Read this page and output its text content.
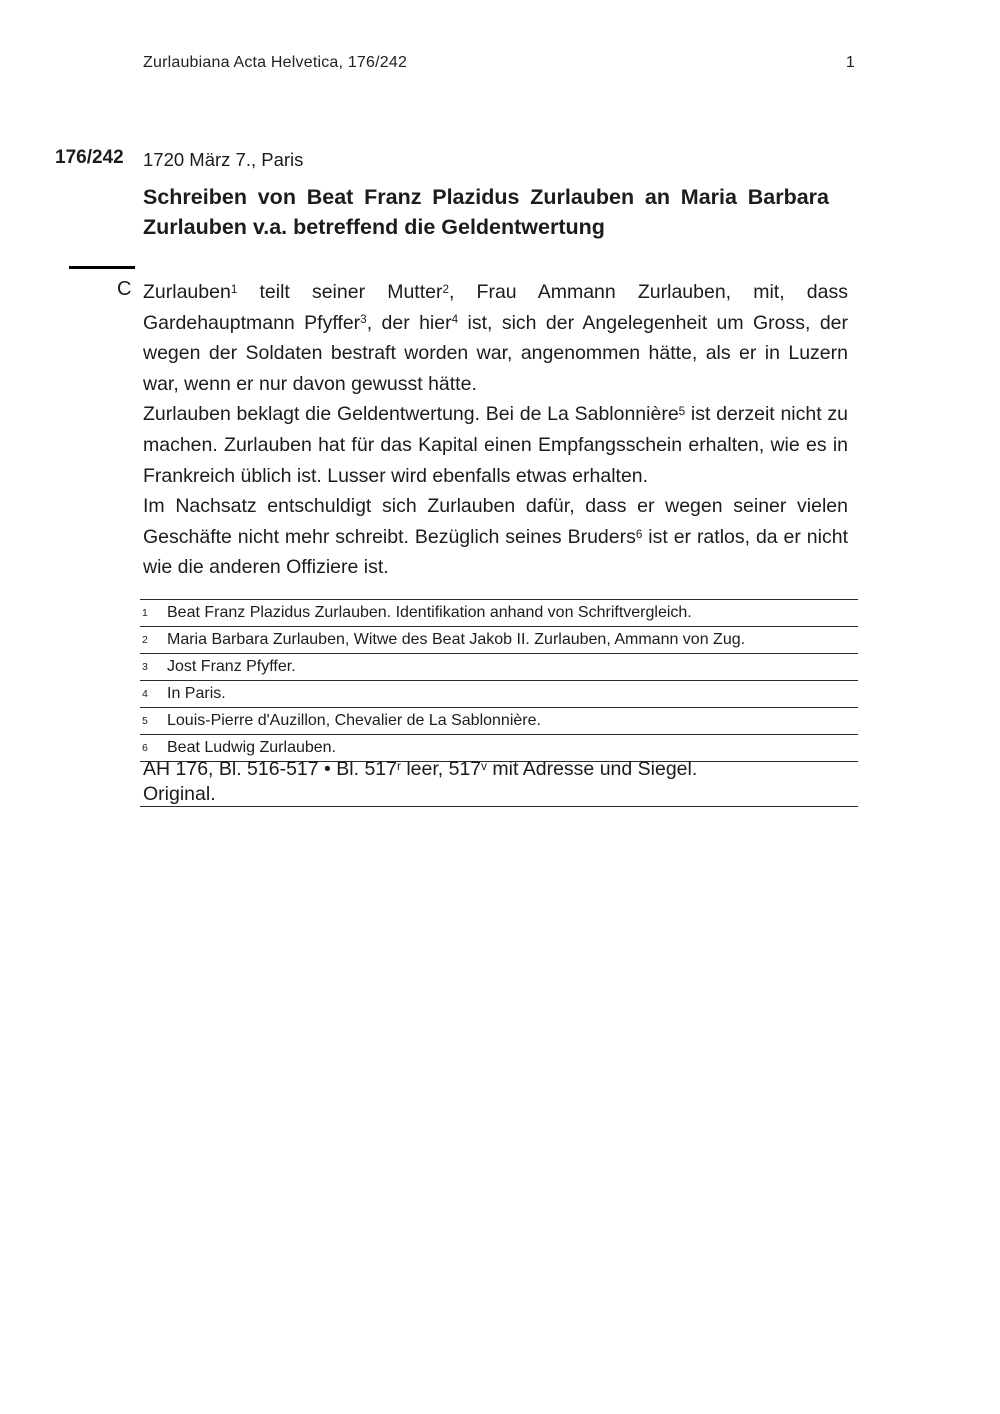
Zurlaubiana Acta Helvetica, 176/242	1
176/242 1720 März 7., Paris
Schreiben von Beat Franz Plazidus Zurlauben an Maria Barbara
Zurlauben v.a. betreffend die Geldentwertung
C Zurlauben$^1$ teilt seiner Mutter$^2$, Frau Ammann Zurlauben, mit, dass Gardehauptmann Pfyffer$^3$, der hier$^4$ ist, sich der Angelegenheit um Gross, der wegen der Soldaten bestraft worden war, angenommen hätte, als er in Luzern war, wenn er nur davon gewusst hätte.

Zurlauben beklagt die Geldentwertung. Bei de La Sablonnière$^5$ ist derzeit nicht zu machen. Zurlauben hat für das Kapital einen Empfangsschein erhalten, wie es in Frankreich üblich ist. Lusser wird ebenfalls etwas erhalten.

Im Nachsatz entschuldigt sich Zurlauben dafür, dass er wegen seiner vielen Geschäfte nicht mehr schreibt. Bezüglich seines Bruders$^6$ ist er ratlos, da er nicht wie die anderen Offiziere ist.

1	Beat Franz Plazidus Zurlauben. Identifikation anhand von Schriftvergleich.
2	Maria Barbara Zurlauben, Witwe des Beat Jakob II. Zurlauben, Ammann von Zug.
3	Jost Franz Pfyffer.
4	In Paris.
5	Louis-Pierre d'Auzillon, Chevalier de La Sablonnière.
6	Beat Ludwig Zurlauben.
AH 176, Bl. 516-517 • Bl. 517$^r$ leer, 517$^v$ mit Adresse und Siegel.
Original.
